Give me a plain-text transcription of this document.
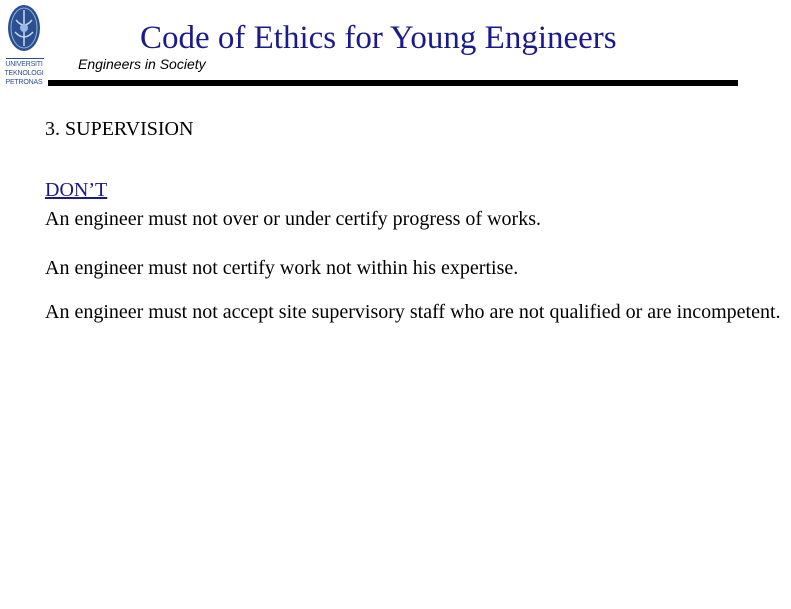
UNIVERSITI
TEKNOLOGI
PETRONAS
Code of Ethics for Young Engineers
Engineers in Society
3. SUPERVISION
DON’T
An engineer must not over or under certify progress of works.
An engineer must not certify work not within his expertise.
An engineer must not accept site supervisory staff who are not qualified or are incompetent.
